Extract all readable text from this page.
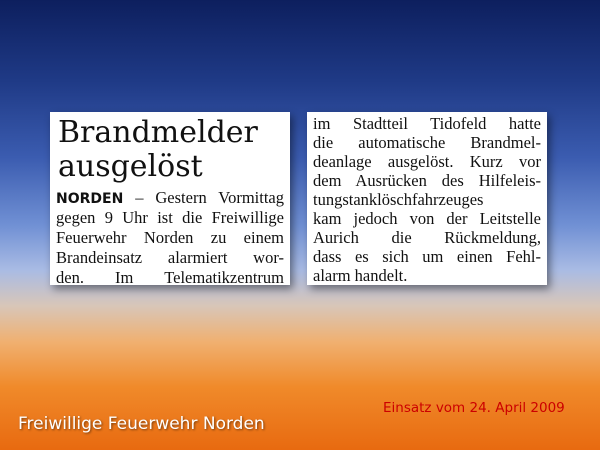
Brandmelder
ausgelöst
NORDEN – Gestern Vormittag
gegen 9 Uhr ist die Freiwillige
Feuerwehr Norden zu einem
Brandeinsatz alarmiert wor-
den. Im Telematikzentrum
im Stadtteil Tidofeld hatte
die automatische Brandmel-
deanlage ausgelöst. Kurz vor
dem Ausrücken des Hilfeleis-
tungstanklöschfahrzeuges
kam jedoch von der Leitstelle
Aurich die Rückmeldung,
dass es sich um einen Fehl-
alarm handelt.
Freiwillige Feuerwehr Norden
Einsatz vom 24. April 2009
